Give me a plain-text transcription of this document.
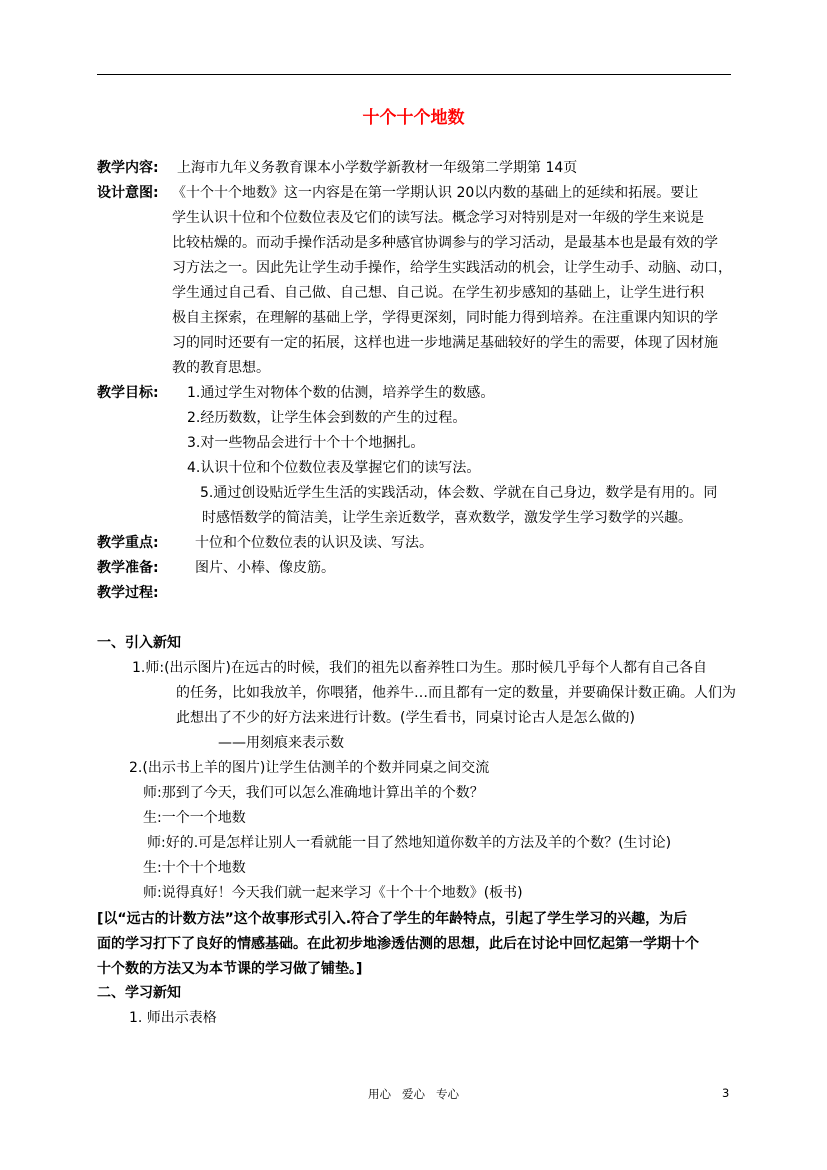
十个十个地数
教学内容: 上海市九年义务教育课本小学数学新教材一年级第二学期第 14页
设计意图: 《十个十个地数》这一内容是在第一学期认识 20以内数的基础上的延续和拓展。要让
学生认识十位和个位数位表及它们的读写法。概念学习对特别是对一年级的学生来说是
比较枯燥的。而动手操作活动是多种感官协调参与的学习活动，是最基本也是最有效的学
习方法之一。因此先让学生动手操作，给学生实践活动的机会，让学生动手、动脑、动口，
学生通过自己看、自己做、自己想、自己说。在学生初步感知的基础上，让学生进行积
极自主探索，在理解的基础上学，学得更深刻，同时能力得到培养。在注重课内知识的学
习的同时还要有一定的拓展，这样也进一步地满足基础较好的学生的需要，体现了因材施
教的教育思想。
教学目标: 1.通过学生对物体个数的估测，培养学生的数感。
2.经历数数，让学生体会到数的产生的过程。
3.对一些物品会进行十个十个地捆扎。
4.认识十位和个位数位表及掌握它们的读写法。
5.通过创设贴近学生生活的实践活动，体会数、学就在自己身边，数学是有用的。同
时感悟数学的简洁美，让学生亲近数学，喜欢数学，激发学生学习数学的兴趣。
教学重点:	十位和个位数位表的认识及读、写法。
教学准备:	图片、小棒、像皮筋。
教学过程:
一、引入新知
1.师:(出示图片)在远古的时候，我们的祖先以畜养牲口为生。那时候几乎每个人都有自己各自
的任务，比如我放羊，你喂猪，他养牛…而且都有一定的数量，并要确保计数正确。人们为
此想出了不少的好方法来进行计数。(学生看书，同桌讨论古人是怎么做的)
——用刻痕来表示数
2.(出示书上羊的图片)让学生估测羊的个数并同桌之间交流
师:那到了今天，我们可以怎么准确地计算出羊的个数？
生:一个一个地数
师:好的.可是怎样让别人一看就能一目了然地知道你数羊的方法及羊的个数？(生讨论)
生:十个十个地数
师:说得真好！今天我们就一起来学习《十个十个地数》(板书)
[以“远古的计数方法”这个故事形式引入.符合了学生的年龄特点，引起了学生学习的兴趣，为后
面的学习打下了良好的情感基础。在此初步地渗透估测的思想，此后在讨论中回忆起第一学期十个
十个数的方法又为本节课的学习做了铺垫。]
二、学习新知
1. 师出示表格
用心   爱心   专心	3
